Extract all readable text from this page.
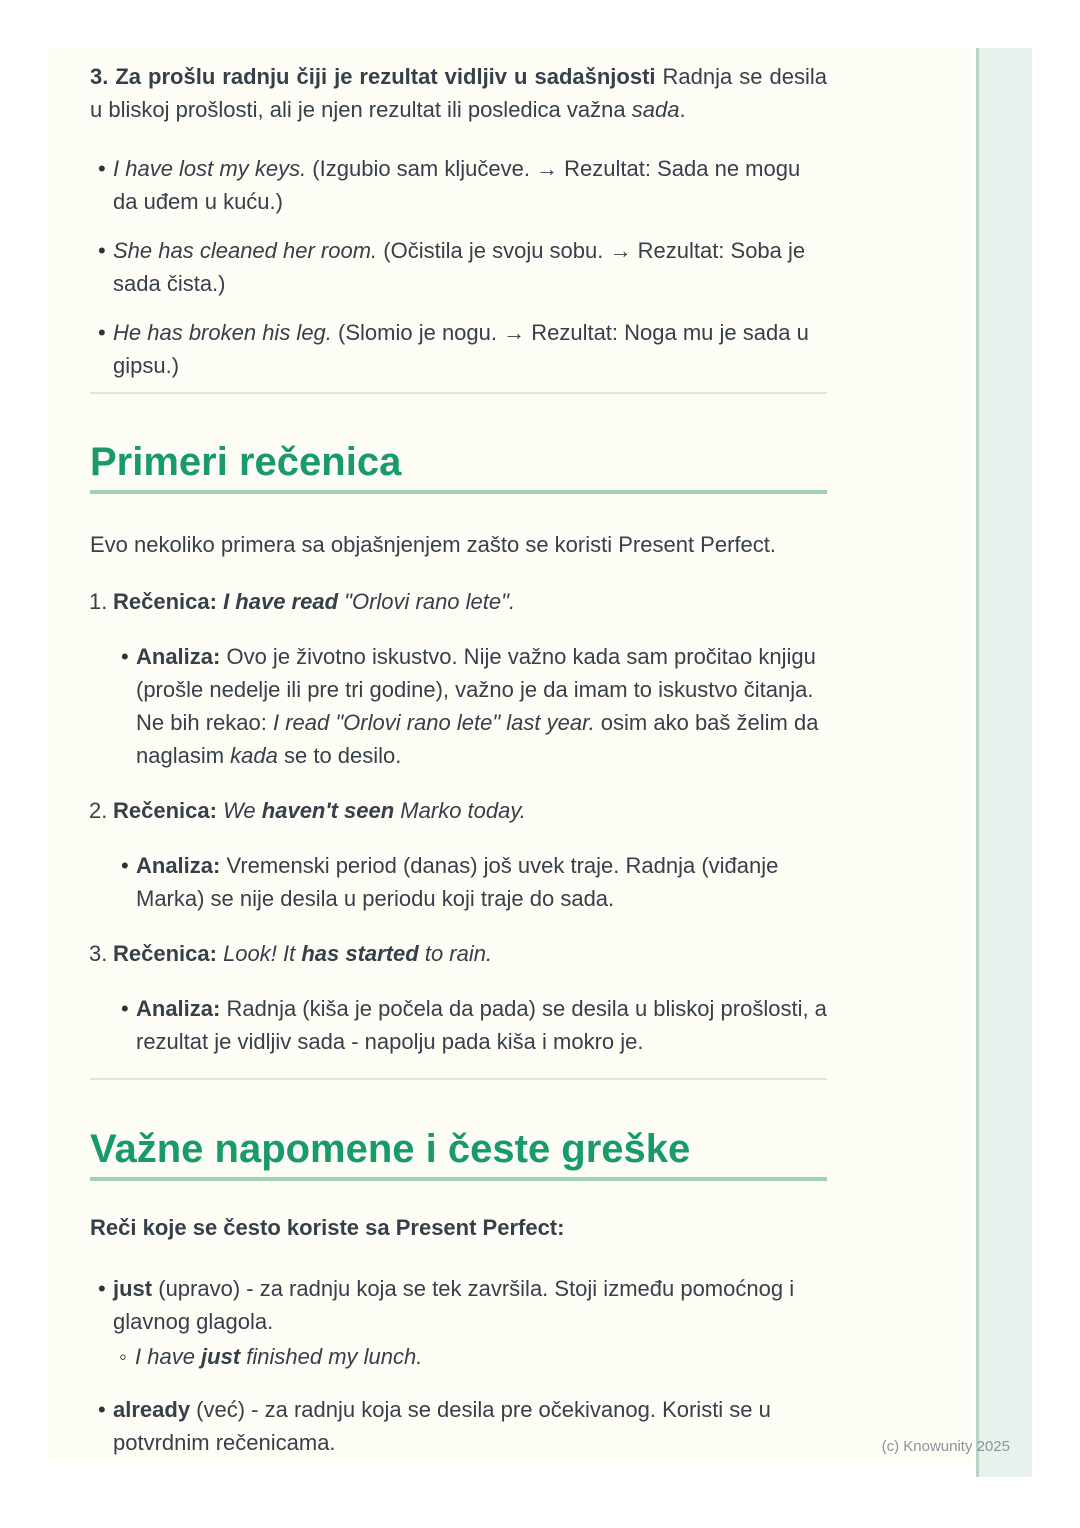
3. Za prošlu radnju čiji je rezultat vidljiv u sadašnjosti Radnja se desila u bliskoj prošlosti, ali je njen rezultat ili posledica važna sada.

• I have lost my keys. (Izgubio sam ključeve. → Rezultat: Sada ne mogu da uđem u kuću.)
• She has cleaned her room. (Očistila je svoju sobu. → Rezultat: Soba je sada čista.)
• He has broken his leg. (Slomio je nogu. → Rezultat: Noga mu je sada u gipsu.)
Primeri rečenica

Evo nekoliko primera sa objašnjenjem zašto se koristi Present Perfect.

1. Rečenica: I have read "Orlovi rano lete".

• Analiza: Ovo je životno iskustvo. Nije važno kada sam pročitao knjigu (prošle nedelje ili pre tri godine), važno je da imam to iskustvo čitanja. Ne bih rekao: I read "Orlovi rano lete" last year. osim ako baš želim da naglasim kada se to desilo.
2. Rečenica: We haven't seen Marko today.

• Analiza: Vremenski period (danas) još uvek traje. Radnja (viđanje Marka) se nije desila u periodu koji traje do sada.
3. Rečenica: Look! It has started to rain.

• Analiza: Radnja (kiša je počela da pada) se desila u bliskoj prošlosti, a rezultat je vidljiv sada - napolju pada kiša i mokro je.
Važne napomene i česte greške

Reči koje se često koriste sa Present Perfect:

• just (upravo) - za radnju koja se tek završila. Stoji između pomoćnog i glavnog glagola.
◦ I have just finished my lunch.
• already (već) - za radnju koja se desila pre očekivanog. Koristi se u potvrdnim rečenicama.	(c) Knowunity 2025
